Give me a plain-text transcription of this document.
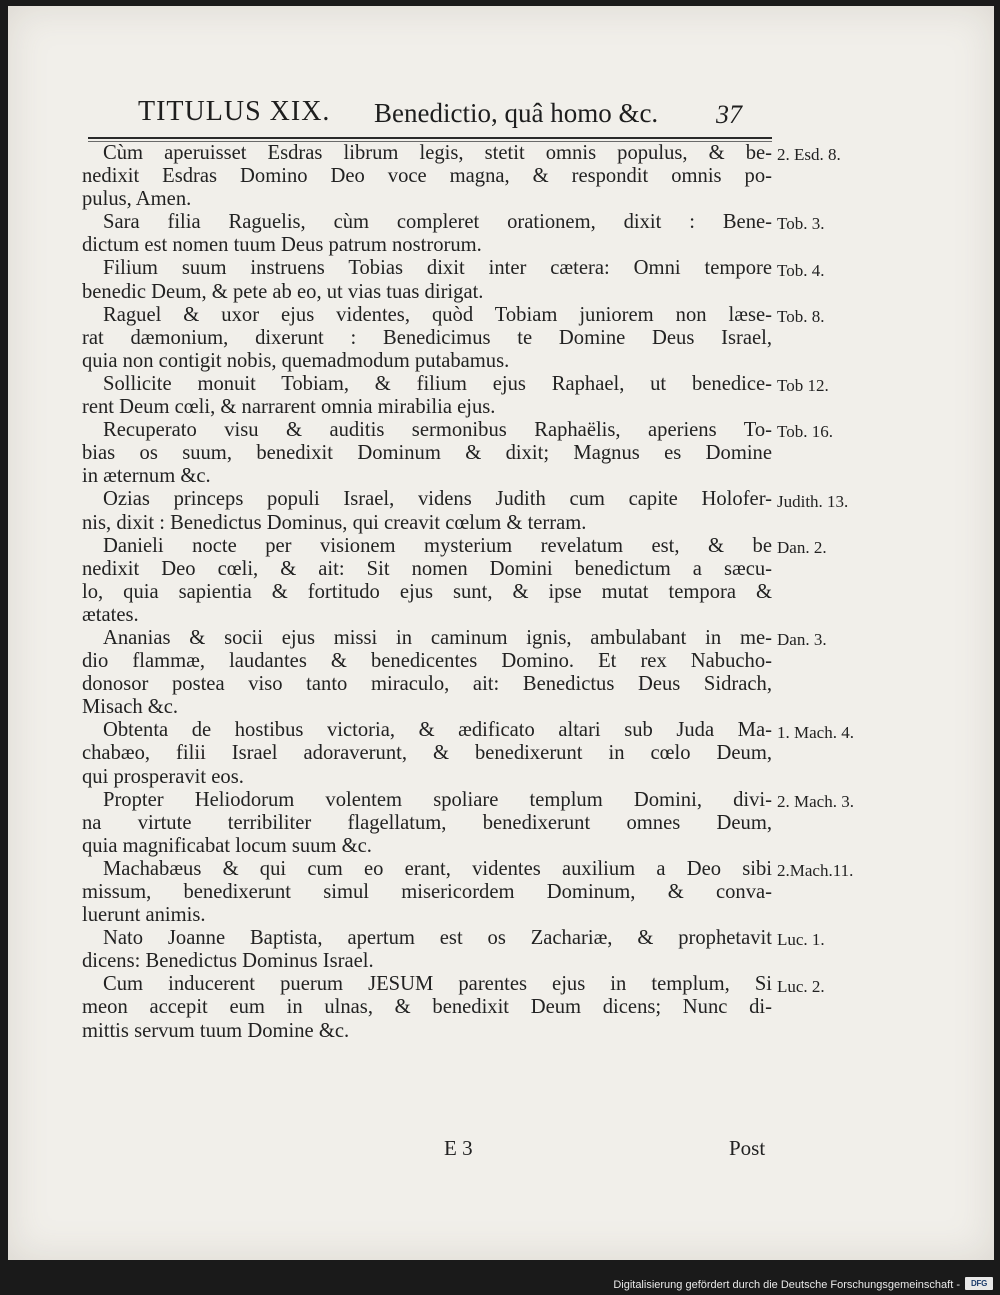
TITULUS XIX. Benedictio, quâ homo &c. 37
Cùm aperuisset Esdras librum legis, stetit omnis populus, & be-
nedixit Esdras Domino Deo voce magna, & respondit omnis po-
pulus, Amen.
Sara filia Raguelis, cùm compleret orationem, dixit : Bene-
dictum est nomen tuum Deus patrum nostrorum.
Filium suum instruens Tobias dixit inter cætera: Omni tempore
benedic Deum, & pete ab eo, ut vias tuas dirigat.
Raguel & uxor ejus videntes, quòd Tobiam juniorem non læse-
rat dæmonium, dixerunt : Benedicimus te Domine Deus Israel,
quia non contigit nobis, quemadmodum putabamus.
Sollicite monuit Tobiam, & filium ejus Raphael, ut benedice-
rent Deum cœli, & narrarent omnia mirabilia ejus.
Recuperato visu & auditis sermonibus Raphaëlis, aperiens To-
bias os suum, benedixit Dominum & dixit; Magnus es Domine
in æternum &c.
Ozias princeps populi Israel, videns Judith cum capite Holofer-
nis, dixit : Benedictus Dominus, qui creavit cœlum & terram.
Danieli nocte per visionem mysterium revelatum est, & be
nedixit Deo cœli, & ait: Sit nomen Domini benedictum a sæcu-
lo, quia sapientia & fortitudo ejus sunt, & ipse mutat tempora &
ætates.
Ananias & socii ejus missi in caminum ignis, ambulabant in me-
dio flammæ, laudantes & benedicentes Domino. Et rex Nabucho-
donosor postea viso tanto miraculo, ait: Benedictus Deus Sidrach,
Misach &c.
Obtenta de hostibus victoria, & ædificato altari sub Juda Ma-
chabæo, filii Israel adoraverunt, & benedixerunt in cœlo Deum,
qui prosperavit eos.
Propter Heliodorum volentem spoliare templum Domini, divi-
na virtute terribiliter flagellatum, benedixerunt omnes Deum,
quia magnificabat locum suum &c.
Machabæus & qui cum eo erant, videntes auxilium a Deo sibi
missum, benedixerunt simul misericordem Dominum, & conva-
luerunt animis.
Nato Joanne Baptista, apertum est os Zachariæ, & prophetavit
dicens: Benedictus Dominus Israel.
Cum inducerent puerum JESUM parentes ejus in templum, Si
meon accepit eum in ulnas, & benedixit Deum dicens; Nunc di-
mittis servum tuum Domine &c.
2. Esd. 8.
Tob. 3.
Tob. 4.
Tob. 8.
Tob 12.
Tob. 16.
Judith. 13.
Dan. 2.
Dan. 3.
1. Mach. 4.
2. Mach. 3.
2.Mach.11.
Luc. 1.
Luc. 2.
E 3	Post
Digitalisierung gefördert durch die Deutsche Forschungsgemeinschaft -	DFG
